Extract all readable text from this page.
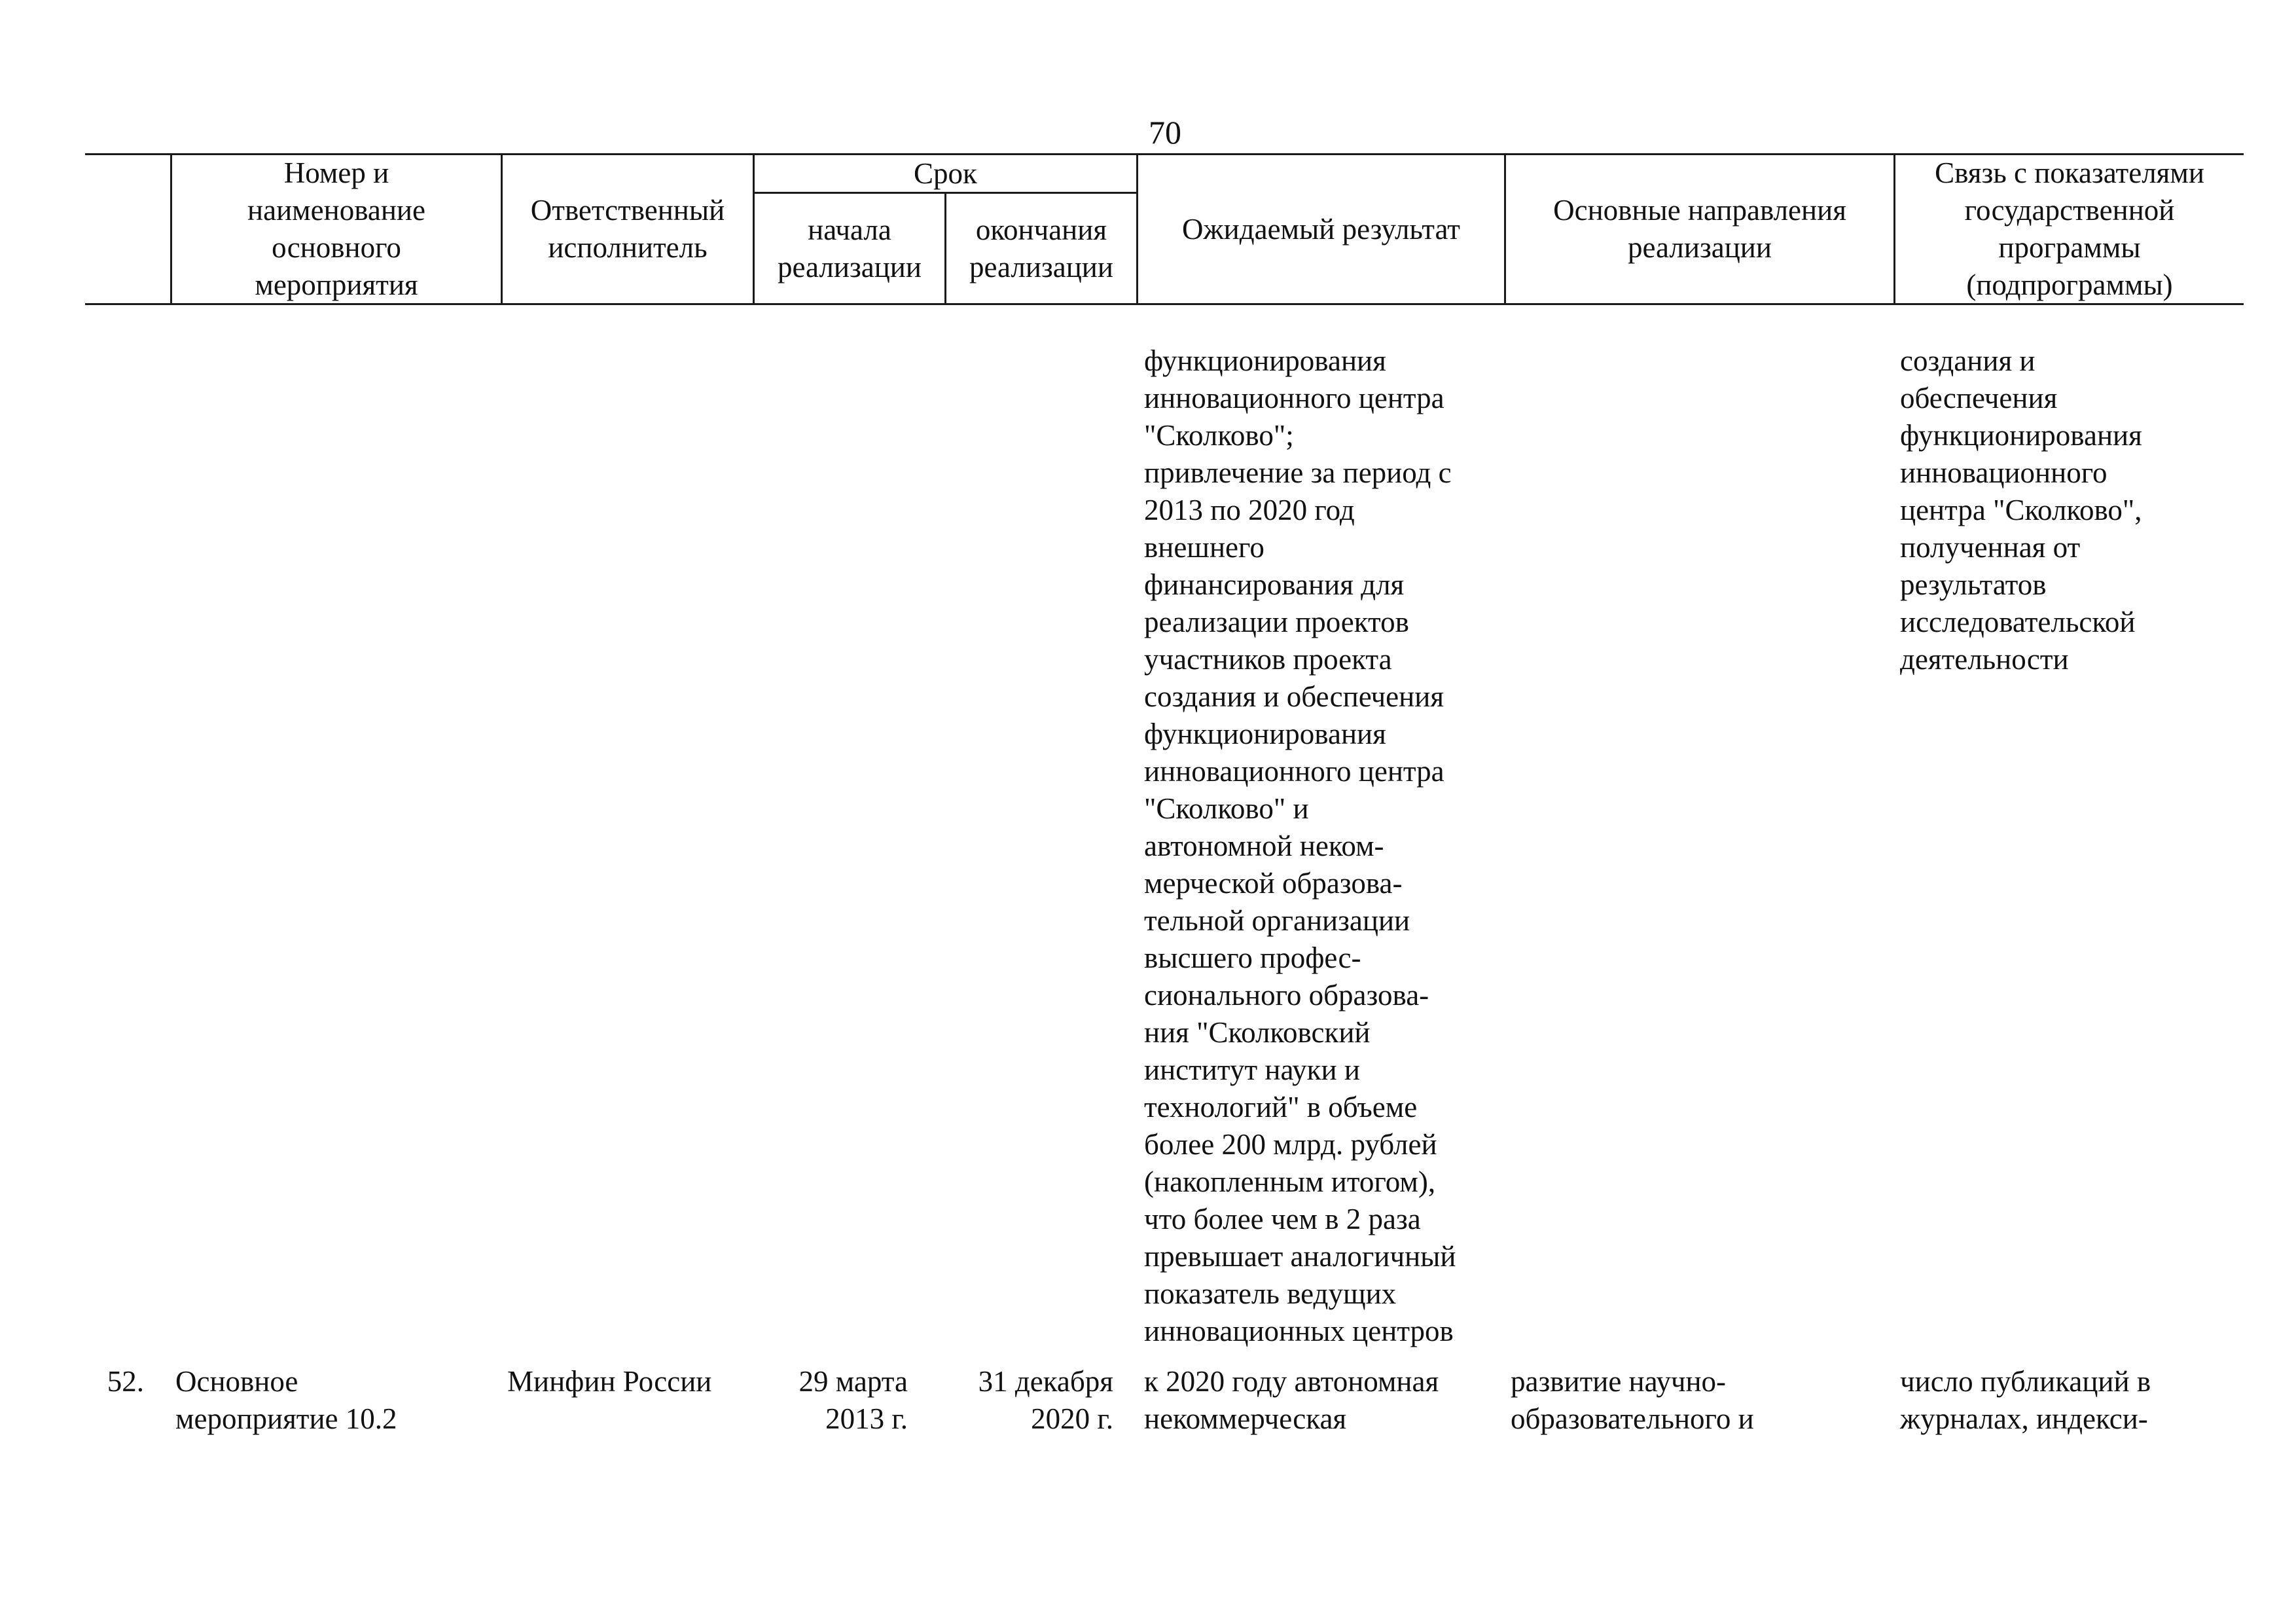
70
Номер и
наименование
основного
мероприятия
Ответственный
исполнитель
Срок
начала
реализации
окончания
реализации
Ожидаемый результат
Основные направления
реализации
Связь с показателями
государственной
программы
(подпрограммы)
функционирования
инновационного центра
"Сколково";
привлечение за период с
2013 по 2020 год
внешнего
финансирования для
реализации проектов
участников проекта
создания и обеспечения
функционирования
инновационного центра
"Сколково" и
автономной неком-
мерческой образова-
тельной организации
высшего профес-
сионального образова-
ния "Сколковский
институт науки и
технологий" в объеме
более 200 млрд. рублей
(накопленным итогом),
что более чем в 2 раза
превышает аналогичный
показатель ведущих
инновационных центров
создания и
обеспечения
функционирования
инновационного
центра "Сколково",
полученная от
результатов
исследовательской
деятельности
52. Основное
мероприятие 10.2
Минфин России	29 марта
2013 г.
31 декабря
2020 г.
к 2020 году автономная
некоммерческая
развитие научно-
образовательного и
число публикаций в
журналах, индекси-
